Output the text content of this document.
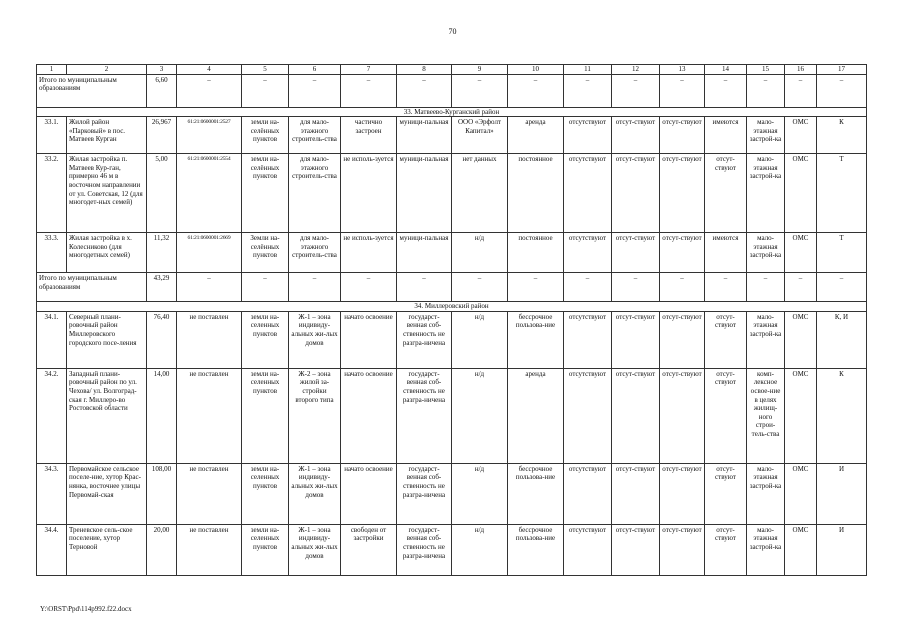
70
1	2	3	4	5	6	7	8	9	10	11	12	13	14	15	16	17
Итого по муниципальным образованиям		6,60	–	–	–	–	–	–	–	–	–	–	–	–	–	–
33. Матвеево-Курганский район																
33.1.	Жилой район «Парковый» в пос. Матвеев Курган	26,967	61:21:0600001:2527	земли на-селённых пунктов	для мало-этажного строитель-ства	частично застроен	муници-пальная	ООО «Эрфолт Капитал»	аренда	отсутствуют	отсут-ствуют	отсут-ствуют	имеются	мало-этажная застрой-ка	ОМС	К
33.2.	Жилая застройка п. Матвеев Кур-ган, примерно 46 м в восточном направлении от ул. Советская, 12 (для многодет-ных семей)	5,00	61:21:0600001:2554	земли на-селённых пунктов	для мало-этажного строитель-ства	не исполь-зуется	муници-пальная	нет данных	постоянное	отсутствуют	отсут-ствуют	отсут-ствуют	отсут-ствуют	мало-этажная застрой-ка	ОМС	Т
33.3.	Жилая застройка в х. Колесниково (для многодетных семей)	11,32	61:21:0600001:2669	Земли на-селённых пунктов	для мало-этажного строитель-ства	не исполь-зуется	муници-пальная	н/д	постоянное	отсутствуют	отсут-ствуют	отсут-ствуют	имеются	мало-этажная застрой-ка	ОМС	Т
Итого по муниципальным образованиям		43,29	–	–	–	–	–	–	–	–	–	–	–	–	–	–
34. Миллеровский район																
34.1.	Северный плани-ровочный район Миллеровского городского посе-ления	76,40	не поставлен	земли на-селенных пунктов	Ж-1 – зона индивиду-альных жи-лых домов	начато освоение	государст-венная соб-ственность не разгра-ничена	н/д	бессрочное пользова-ние	отсутствуют	отсут-ствуют	отсут-ствуют	отсут-ствуют	мало-этажная застрой-ка	ОМС	К, И
34.2.	Западный плани-ровочный район по ул. Чехова/ ул. Волгоград-ская г. Миллеро-во Ростовской области	14,00	не поставлен	земли на-селенных пунктов	Ж-2 – зона жилой за-стройки второго типа	начато освоение	государст-венная соб-ственность не разгра-ничена	н/д	аренда	отсутствуют	отсут-ствуют	отсут-ствуют	отсут-ствуют	комп-лексное освое-ние в целях жилищ-ного строи-тель-ства	ОМС	К
34.3.	Первомайское сельское поселе-ние, хутор Крас-нянка, восточнее улицы Первомай-ская	108,00	не поставлен	земли на-селенных пунктов	Ж-1 – зона индивиду-альных жи-лых домов	начато освоение	государст-венная соб-ственность не разгра-ничена	н/д	бессрочное пользова-ние	отсутствуют	отсут-ствуют	отсут-ствуют	отсут-ствуют	мало-этажная застрой-ка	ОМС	И
34.4.	Треневское сель-ское поселение, хутор Терновой	20,00	не поставлен	земли на-селенных пунктов	Ж-1 – зона индивиду-альных жи-лых домов	свободен от застройки	государст-венная соб-ственность не разгра-ничена	н/д	бессрочное пользова-ние	отсутствуют	отсут-ствуют	отсут-ствуют	отсут-ствуют	мало-этажная застрой-ка	ОМС	И
Y:\ORST\Ppd\114p992.f22.docx
